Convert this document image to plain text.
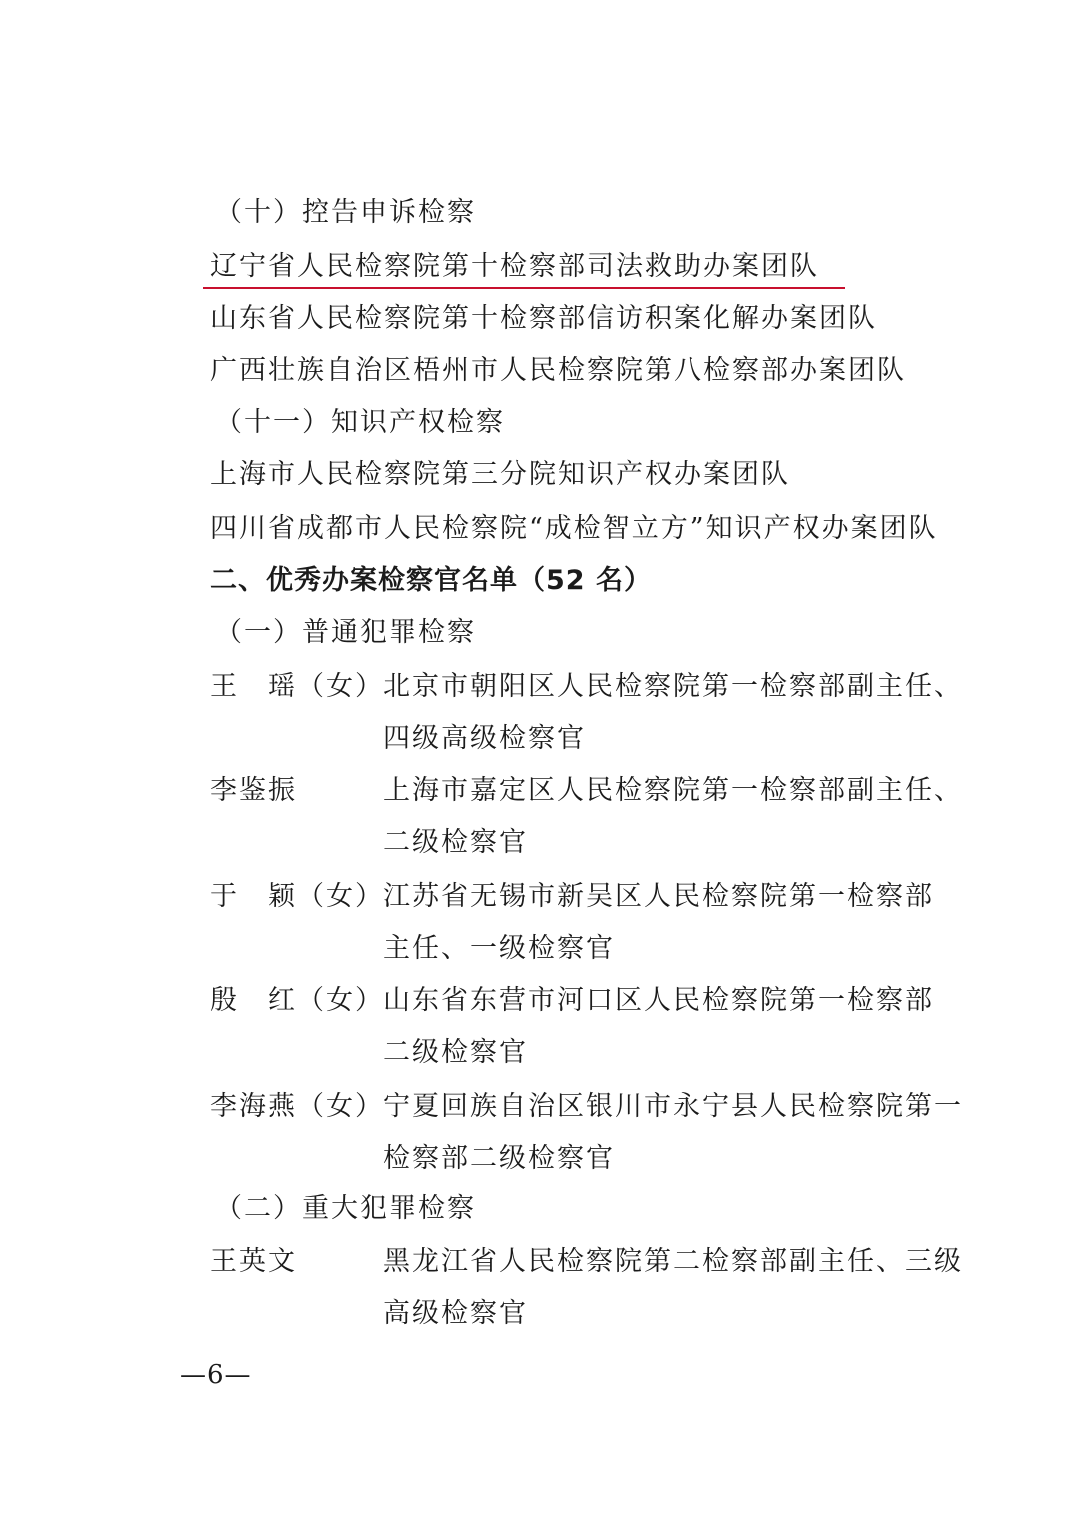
（十）控告申诉检察
辽宁省人民检察院第十检察部司法救助办案团队
山东省人民检察院第十检察部信访积案化解办案团队
广西壮族自治区梧州市人民检察院第八检察部办案团队
（十一）知识产权检察
上海市人民检察院第三分院知识产权办案团队
四川省成都市人民检察院“成检智立方”知识产权办案团队
二、优秀办案检察官名单（52 名）
（一）普通犯罪检察
王　瑶（女） 北京市朝阳区人民检察院第一检察部副主任、
四级高级检察官
李鉴振	上海市嘉定区人民检察院第一检察部副主任、
二级检察官
于　颖（女） 江苏省无锡市新吴区人民检察院第一检察部
主任、一级检察官
殷　红（女） 山东省东营市河口区人民检察院第一检察部
二级检察官
李海燕（女） 宁夏回族自治区银川市永宁县人民检察院第一
检察部二级检察官
（二）重大犯罪检察
王英文	黑龙江省人民检察院第二检察部副主任、三级
高级检察官
—6—
